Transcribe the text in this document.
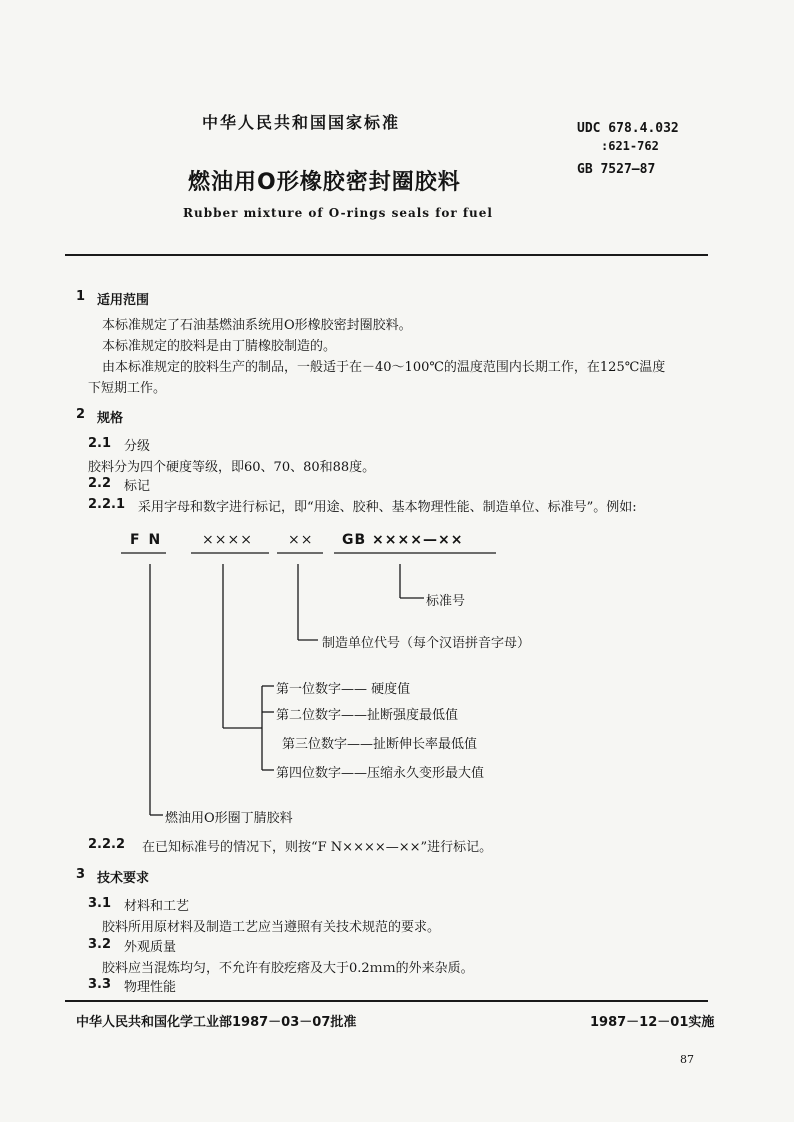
中华人民共和国国家标准
燃油用O形橡胶密封圈胶料
Rubber mixture of O-rings seals for fuel
UDC 678.4.032
:621-762
GB 7527—87
1 适用范围
本标准规定了石油基燃油系统用O形橡胶密封圈胶料。
本标准规定的胶料是由丁腈橡胶制造的。
由本标准规定的胶料生产的制品，一般适于在－40～100℃的温度范围内长期工作，在125℃温度
下短期工作。
2 规格
2.1 分级
胶料分为四个硬度等级，即60、70、80和88度。
2.2 标记
2.2.1 采用字母和数字进行标记，即“用途、胶种、基本物理性能、制造单位、标准号”。例如:
F N	××××	×× GB ××××—××
标准号
制造单位代号（每个汉语拼音字母）
第一位数字—— 硬度值
第二位数字——扯断强度最低值
第三位数字——扯断伸长率最低值
第四位数字——压缩永久变形最大值
燃油用O形圈丁腈胶料
2.2.2 在已知标准号的情况下，则按“F N××××—××”进行标记。
3 技术要求
3.1 材料和工艺
胶料所用原材料及制造工艺应当遵照有关技术规范的要求。
3.2 外观质量
胶料应当混炼均匀，不允许有胶疙瘩及大于0.2ｍｍ的外来杂质。
3.3 物理性能
中华人民共和国化学工业部1987－03－07批准	1987－12－01实施
87
